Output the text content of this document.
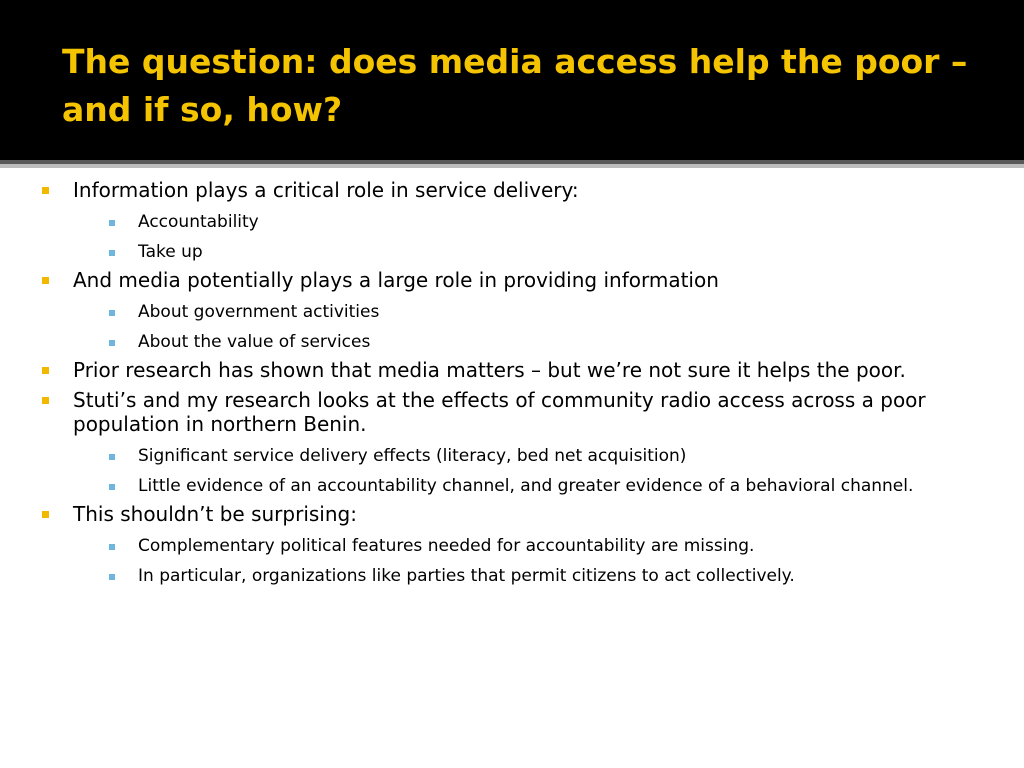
The question: does media access help the poor – and if so, how?
Information plays a critical role in service delivery:
Accountability
Take up
And media potentially plays a large role in providing information
About government activities
About the value of services
Prior research has shown that media matters – but we’re not sure it helps the poor.
Stuti’s and my research looks at the effects of community radio access across a poor population in northern Benin.
Significant service delivery effects (literacy, bed net acquisition)
Little evidence of an accountability channel, and greater evidence of a behavioral channel.
This shouldn’t be surprising:
Complementary political features needed for accountability are missing.
In particular, organizations like parties that permit citizens to act collectively.
